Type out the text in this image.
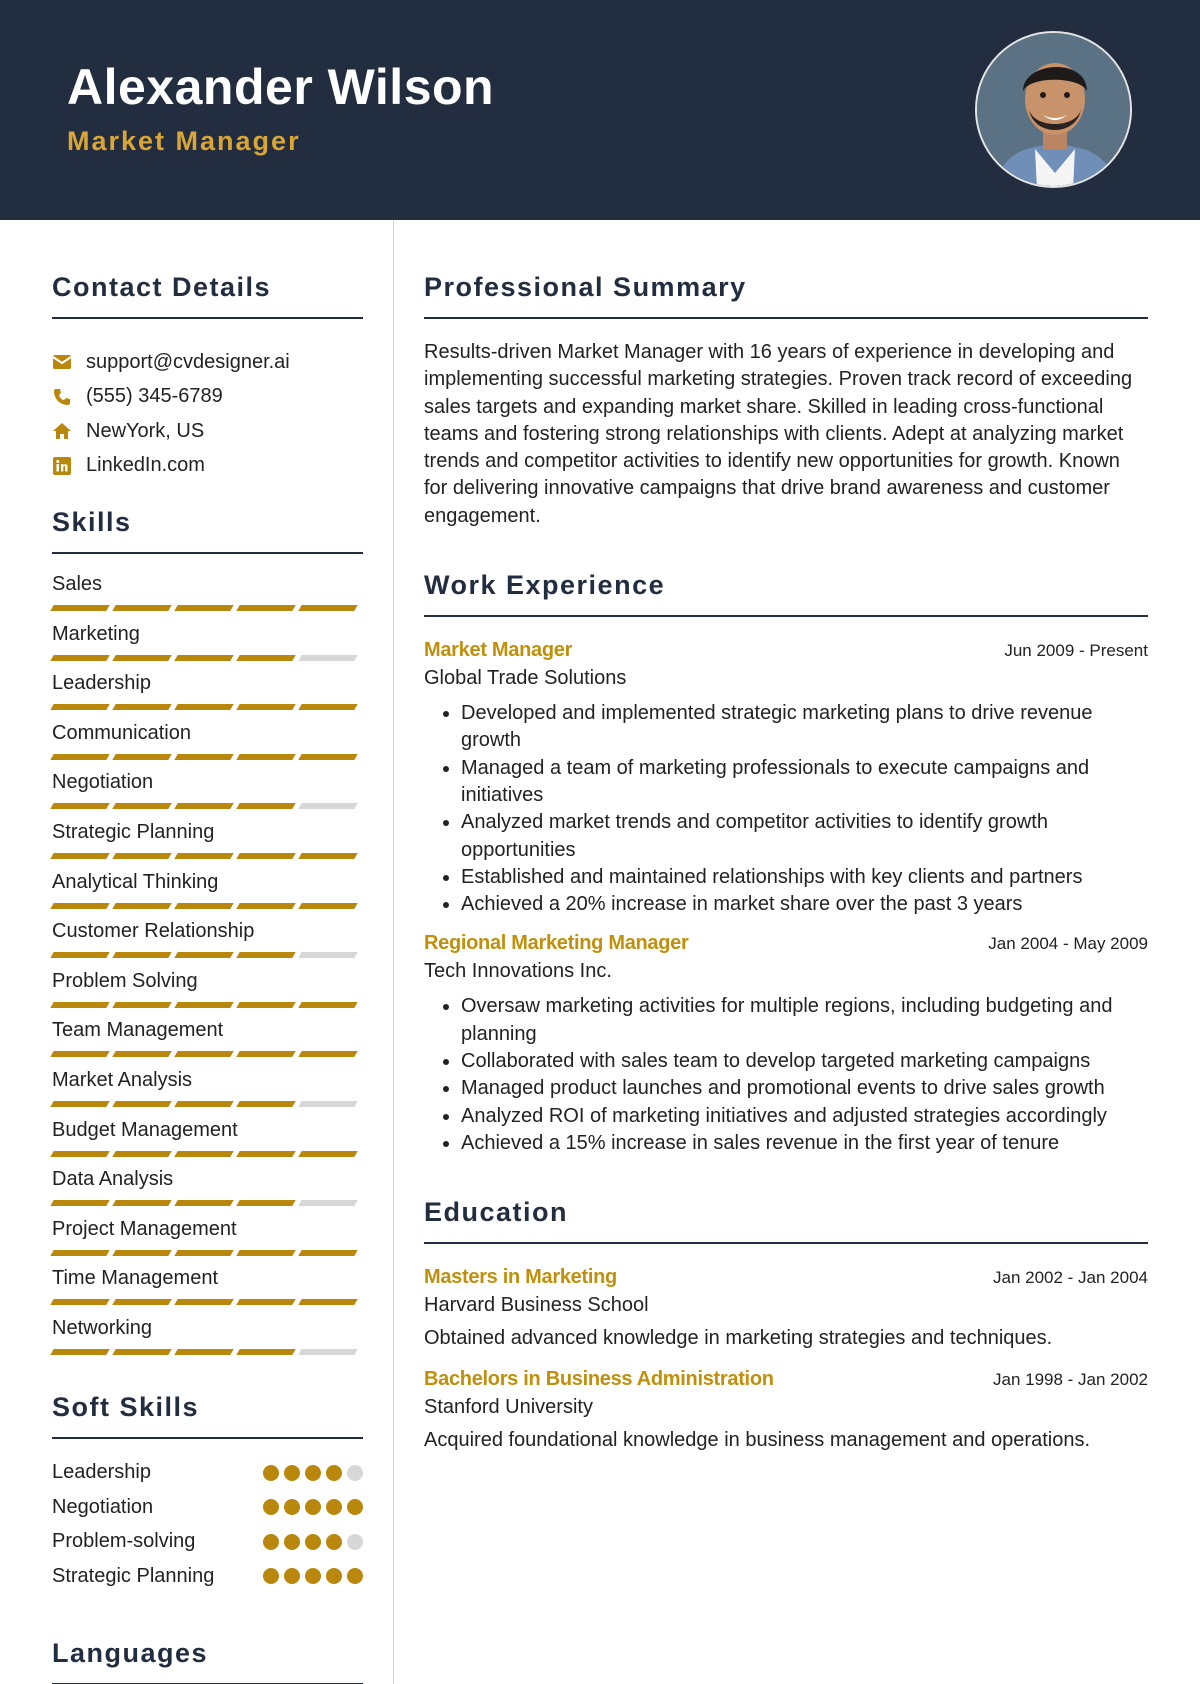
Alexander Wilson
Market Manager
Contact Details
support@cvdesigner.ai
(555) 345-6789
NewYork, US
LinkedIn.com
Skills
Sales
Marketing
Leadership
Communication
Negotiation
Strategic Planning
Analytical Thinking
Customer Relationship
Problem Solving
Team Management
Market Analysis
Budget Management
Data Analysis
Project Management
Time Management
Networking
Soft Skills
Leadership
Negotiation
Problem-solving
Strategic Planning
Languages
Professional Summary

Results-driven Market Manager with 16 years of experience in developing and implementing successful marketing strategies. Proven track record of exceeding sales targets and expanding market share. Skilled in leading cross-functional teams and fostering strong relationships with clients. Adept at analyzing market trends and competitor activities to identify new opportunities for growth. Known for delivering innovative campaigns that drive brand awareness and customer engagement.

Work Experience
Market Manager	Jun 2009 - Present
Global Trade Solutions
• Developed and implemented strategic marketing plans to drive revenue growth
• Managed a team of marketing professionals to execute campaigns and initiatives
• Analyzed market trends and competitor activities to identify growth opportunities
• Established and maintained relationships with key clients and partners
• Achieved a 20% increase in market share over the past 3 years
Regional Marketing Manager	Jan 2004 - May 2009
Tech Innovations Inc.
• Oversaw marketing activities for multiple regions, including budgeting and planning
• Collaborated with sales team to develop targeted marketing campaigns
• Managed product launches and promotional events to drive sales growth
• Analyzed ROI of marketing initiatives and adjusted strategies accordingly
• Achieved a 15% increase in sales revenue in the first year of tenure
Education
Masters in Marketing	Jan 2002 - Jan 2004
Harvard Business School
Obtained advanced knowledge in marketing strategies and techniques.
Bachelors in Business Administration	Jan 1998 - Jan 2002
Stanford University
Acquired foundational knowledge in business management and operations.
